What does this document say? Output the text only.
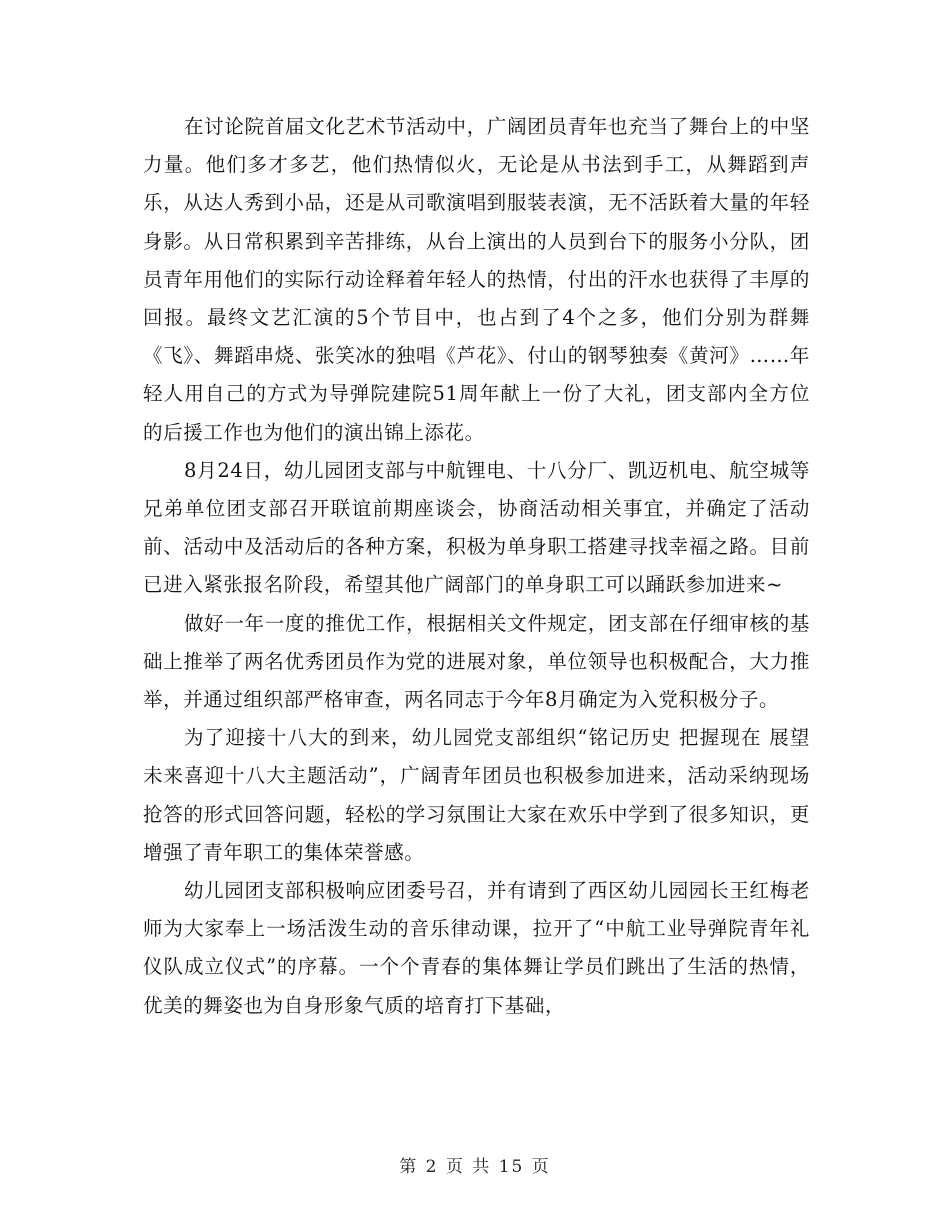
在讨论院首届文化艺术节活动中，广阔团员青年也充当了舞台上的中坚力量。他们多才多艺，他们热情似火，无论是从书法到手工，从舞蹈到声乐，从达人秀到小品，还是从司歌演唱到服装表演，无不活跃着大量的年轻身影。从日常积累到辛苦排练，从台上演出的人员到台下的服务小分队，团员青年用他们的实际行动诠释着年轻人的热情，付出的汗水也获得了丰厚的回报。最终文艺汇演的5个节目中，也占到了4个之多，他们分别为群舞《飞》、舞蹈串烧、张笑冰的独唱《芦花》、付山的钢琴独奏《黄河》……年轻人用自己的方式为导弹院建院51周年献上一份了大礼，团支部内全方位的后援工作也为他们的演出锦上添花。

8月24日，幼儿园团支部与中航锂电、十八分厂、凯迈机电、航空城等兄弟单位团支部召开联谊前期座谈会，协商活动相关事宜，并确定了活动前、活动中及活动后的各种方案，积极为单身职工搭建寻找幸福之路。目前已进入紧张报名阶段，希望其他广阔部门的单身职工可以踊跃参加进来~

做好一年一度的推优工作，根据相关文件规定，团支部在仔细审核的基础上推举了两名优秀团员作为党的进展对象，单位领导也积极配合，大力推举，并通过组织部严格审查，两名同志于今年8月确定为入党积极分子。

为了迎接十八大的到来，幼儿园党支部组织“铭记历史 把握现在 展望未来喜迎十八大主题活动”，广阔青年团员也积极参加进来，活动采纳现场抢答的形式回答问题，轻松的学习氛围让大家在欢乐中学到了很多知识，更增强了青年职工的集体荣誉感。

幼儿园团支部积极响应团委号召，并有请到了西区幼儿园园长王红梅老师为大家奉上一场活泼生动的音乐律动课，拉开了“中航工业导弹院青年礼仪队成立仪式”的序幕。一个个青春的集体舞让学员们跳出了生活的热情，优美的舞姿也为自身形象气质的培育打下基础，

第 2 页 共 15 页
